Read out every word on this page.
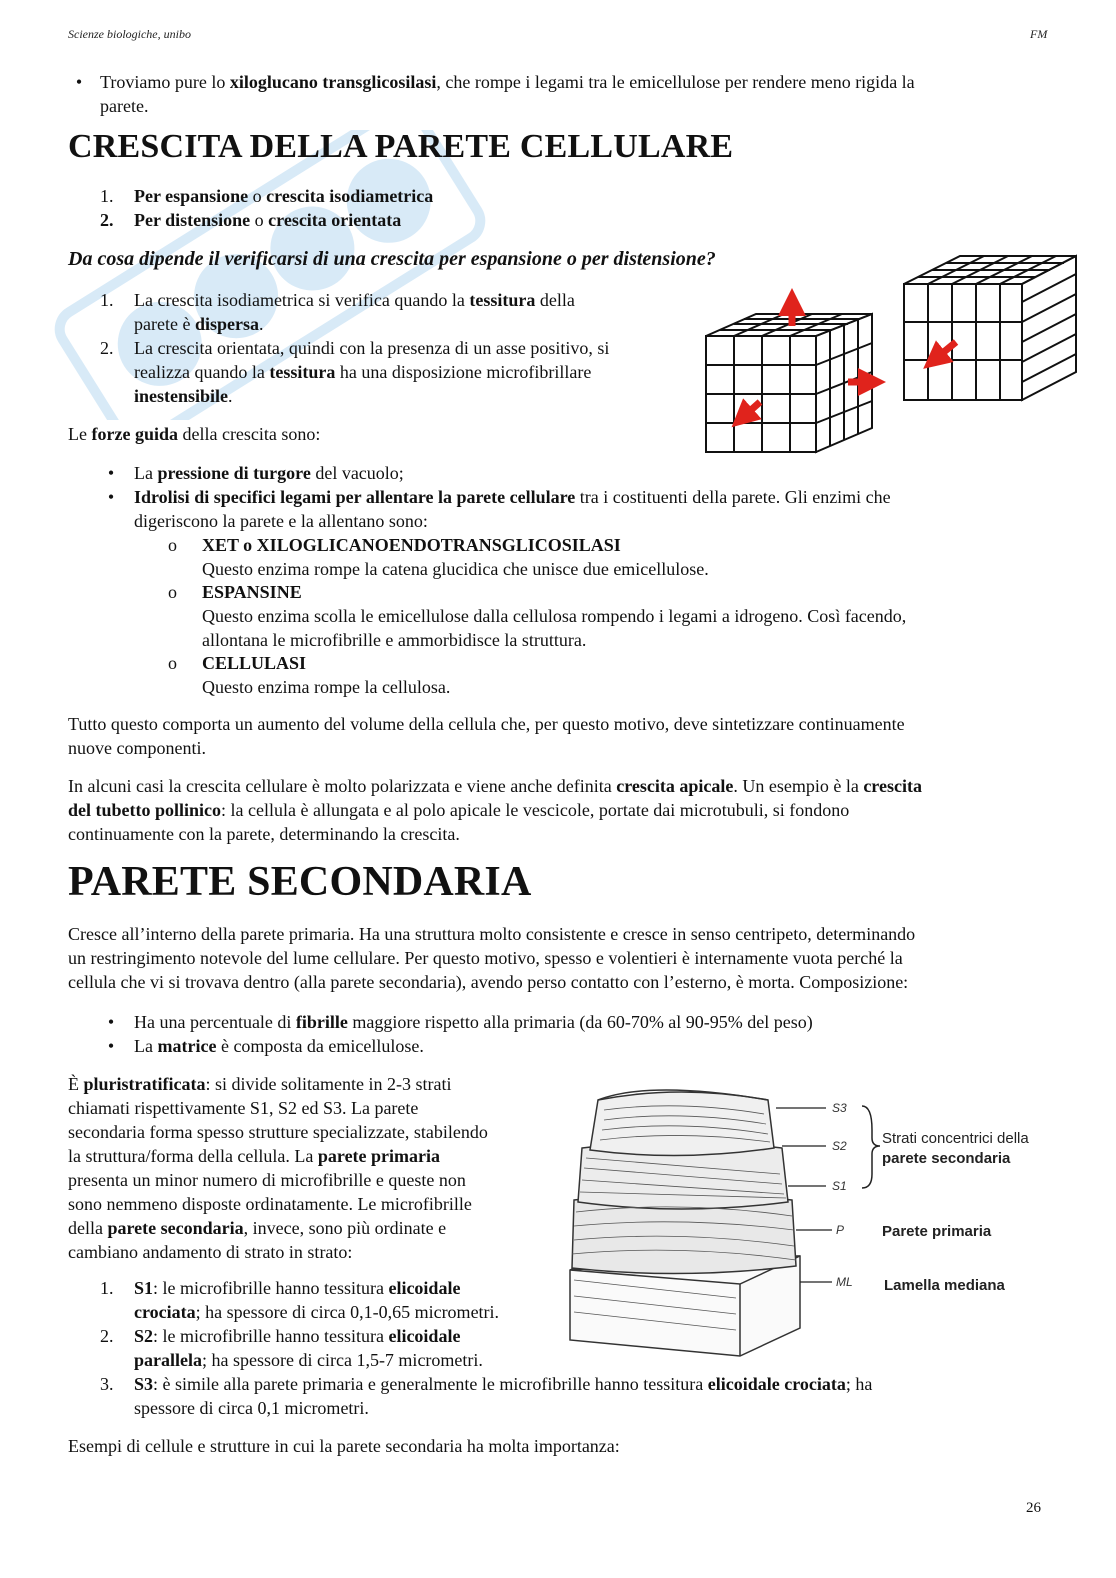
Scienze biologiche, unibo	FM
• Troviamo pure lo xiloglucano transglicosilasi, che rompe i legami tra le emicellulose per rendere meno rigida la
parete.
CRESCITA DELLA PARETE CELLULARE
1. Per espansione o crescita isodiametrica
2. Per distensione o crescita orientata
Da cosa dipende il verificarsi di una crescita per espansione o per distensione?
1.	La crescita isodiametrica si verifica quando la tessitura della
parete è dispersa.
2.	La crescita orientata, quindi con la presenza di un asse positivo, si
realizza quando la tessitura ha una disposizione microfibrillare
inestensibile.
Le forze guida della crescita sono:
•	La pressione di turgore del vacuolo;
•	Idrolisi di specifici legami per allentare la parete cellulare tra i costituenti della parete. Gli enzimi che
digeriscono la parete e la allentano sono:
o	XET o XILOGLICANOENDOTRANSGLICOSILASI
Questo enzima rompe la catena glucidica che unisce due emicellulose.
o	ESPANSINE
Questo enzima scolla le emicellulose dalla cellulosa rompendo i legami a idrogeno. Così facendo,
allontana le microfibrille e ammorbidisce la struttura.
o	CELLULASI
Questo enzima rompe la cellulosa.
Tutto questo comporta un aumento del volume della cellula che, per questo motivo, deve sintetizzare continuamente
nuove componenti.
In alcuni casi la crescita cellulare è molto polarizzata e viene anche definita crescita apicale. Un esempio è la crescita
del tubetto pollinico: la cellula è allungata e al polo apicale le vescicole, portate dai microtubuli, si fondono
continuamente con la parete, determinando la crescita.
PARETE SECONDARIA
Cresce all’interno della parete primaria. Ha una struttura molto consistente e cresce in senso centripeto, determinando
un restringimento notevole del lume cellulare. Per questo motivo, spesso e volentieri è internamente vuota perché la
cellula che vi si trovava dentro (alla parete secondaria), avendo perso contatto con l’esterno, è morta. Composizione:
•	Ha una percentuale di fibrille maggiore rispetto alla primaria (da 60-70% al 90-95% del peso)
•	La matrice è composta da emicellulose.
È pluristratificata: si divide solitamente in 2-3 strati
chiamati rispettivamente S1, S2 ed S3. La parete
secondaria forma spesso strutture specializzate, stabilendo
la struttura/forma della cellula. La parete primaria
presenta un minor numero di microfibrille e queste non
sono nemmeno disposte ordinatamente. Le microfibrille
della parete secondaria, invece, sono più ordinate e
cambiano andamento di strato in strato:
S3
S2
S1
P
ML
Strati concentrici della
parete secondaria
Parete primaria
Lamella mediana
1.	S1: le microfibrille hanno tessitura elicoidale
crociata; ha spessore di circa 0,1-0,65 micrometri.
2.	S2: le microfibrille hanno tessitura elicoidale
parallela; ha spessore di circa 1,5-7 micrometri.
3.	S3: è simile alla parete primaria e generalmente le microfibrille hanno tessitura elicoidale crociata; ha
spessore di circa 0,1 micrometri.
Esempi di cellule e strutture in cui la parete secondaria ha molta importanza:
26
